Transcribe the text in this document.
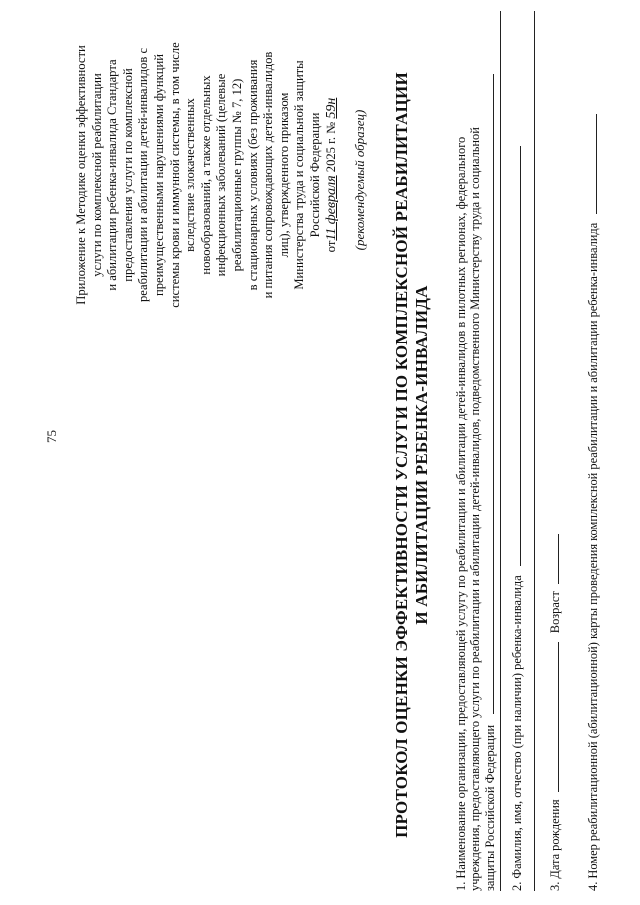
75
Приложение к Методике оценки эффективности услуги по комплексной реабилитации и абилитации ребенка-инвалида Стандарта предоставления услуги по комплексной реабилитации и абилитации детей-инвалидов с преимущественными нарушениями функций системы крови и иммунной системы, в том числе вследствие злокачественных новообразований, а также отдельных инфекционных заболеваний (целевые реабилитационные группы № 7, 12) в стационарных условиях (без проживания и питания сопровождающих детей-инвалидов лиц), утвержденного приказом Министерства труда и социальной защиты Российской Федерации
от11 февраля 2025 г. № 59н
(рекомендуемый образец) ПРОТОКОЛ ОЦЕНКИ ЭФФЕКТИВНОСТИ УСЛУГИ ПО КОМПЛЕКСНОЙ РЕАБИЛИТАЦИИ И АБИЛИТАЦИИ РЕБЕНКА-ИНВАЛИДА 1. Наименование организации, предоставляющей услугу по реабилитации и абилитации детей-инвалидов в пилотных регионах, федерального учреждения, предоставляющего услуги по реабилитации и абилитации детей-инвалидов, подведомственного Министерству труда и социальной защиты Российской Федерации 2. Фамилия, имя, отчество (при наличии) ребенка-инвалида 3. Дата рождения  Возраст 4. Номер реабилитационной (абилитационной) карты проведения комплексной реабилитации и абилитации ребенка-инвалида
